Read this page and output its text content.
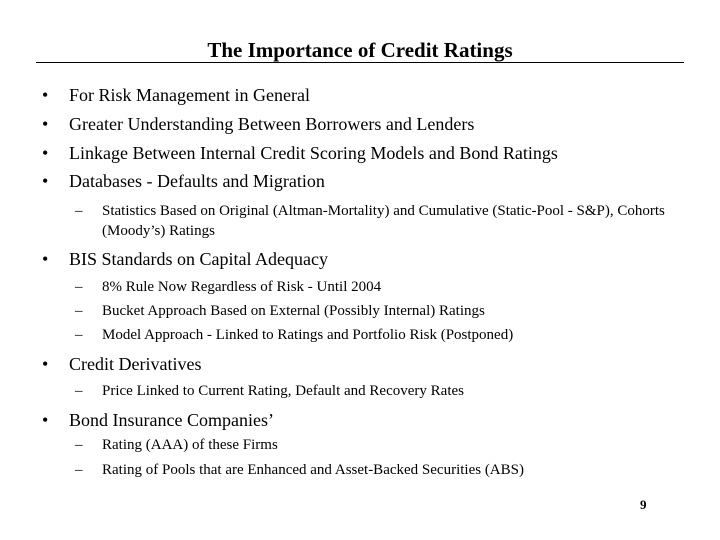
The Importance of Credit Ratings
• For Risk Management in General
• Greater Understanding Between Borrowers and Lenders
• Linkage Between Internal Credit Scoring Models and Bond Ratings
• Databases - Defaults and Migration
– Statistics Based on Original (Altman-Mortality) and Cumulative (Static-Pool - S&P), Cohorts (Moody’s) Ratings
• BIS Standards on Capital Adequacy
– 8% Rule Now Regardless of Risk - Until 2004
– Bucket Approach Based on External (Possibly Internal) Ratings
– Model Approach - Linked to Ratings and Portfolio Risk (Postponed)
• Credit Derivatives
– Price Linked to Current Rating, Default and Recovery Rates
• Bond Insurance Companies’
– Rating (AAA) of these Firms
– Rating of Pools that are Enhanced and Asset-Backed Securities (ABS)
9
